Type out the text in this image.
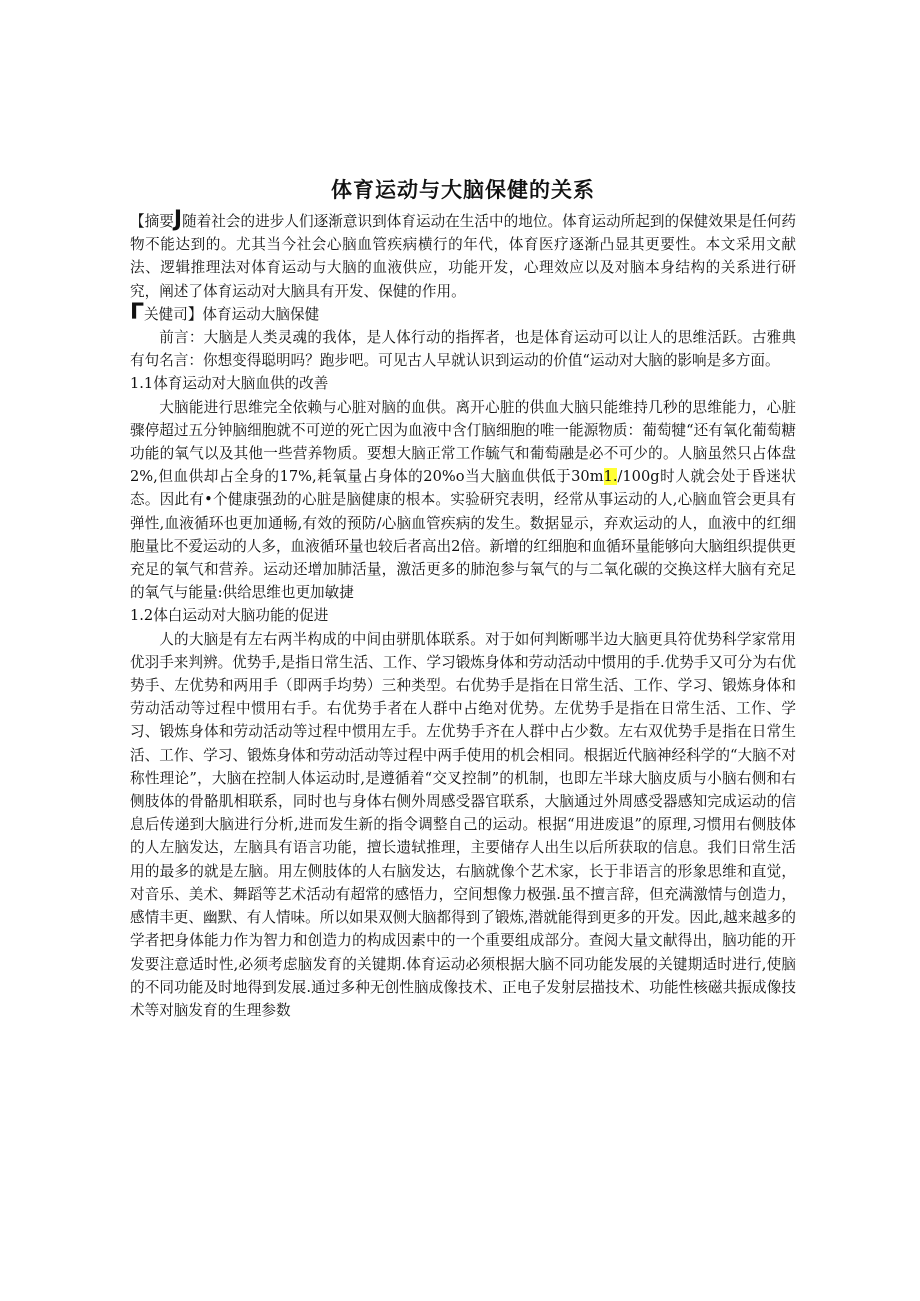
体育运动与大脑保健的关系

【摘要J随着社会的进步人们逐渐意识到体育运动在生活中的地位。体育运动所起到的保健效果是任何药物不能达到的。尤其当今社会心脑血管疾病横行的年代，体育医疗逐渐凸显其更要性。本文采用文献法、逻辑推理法对体育运动与大脑的血液供应，功能开发，心理效应以及对脑本身结构的关系进行研究，阐述了体育运动对大脑具有开发、保健的作用。

Γ关健司】体育运动大脑保健

前言：大脑是人类灵魂的我体，是人体行动的指挥者，也是体育运动可以让人的思维活跃。古雅典有句名言：你想变得聪明吗？跑步吧。可见古人早就认识到运动的价值“运动对大脑的影响是多方面。

1.1体育运动对大脑血供的改善

大脑能进行思维完全依赖与心脏对脑的血供。离开心脏的供血大脑只能维持几秒的思维能力，心脏骤停超过五分钟脑细胞就不可逆的死亡因为血液中含仃脑细胞的唯一能源物质：葡萄犍“还有氧化葡萄糖功能的氧气以及其他一些营养物质。要想大脑正常工作毓气和葡萄融是必不可少的。人脑虽然只占体盘2%,但血供却占全身的17%,耗氧量占身体的20%o当大脑血供低于30m1./100g时人就会处于昏迷状态。因此有•个健康强劲的心脏是脑健康的根本。实验研究表明，经常从事运动的人,心脑血管会更具有弹性,血液循环也更加通畅,有效的预防/心脑血管疾病的发生。数据显示，弃欢运动的人，血液中的红细胞量比不爱运动的人多，血液循环量也较后者高出2倍。新增的红细胞和血循环量能够向大脑组织提供更充足的氧气和营养。运动还增加肺活量，激活更多的肺泡参与氧气的与二氧化碳的交换这样大脑有充足的氧气与能量:供给思维也更加敏捷

1.2体白运动对大脑功能的促进

人的大脑是有左右两半构成的中间由骈肌体联系。对于如何判断哪半边大脑更具符优势科学家常用优羽手来判辨。优势手,是指日常生活、工作、学习锻炼身体和劳动活动中惯用的手.优势手又可分为右优势手、左优势和两用手（即两手均势）三种类型。右优势手是指在日常生活、工作、学习、锻炼身体和劳动活动等过程中惯用右手。右优势手者在人群中占绝对优势。左优势手是指在日常生活、工作、学习、锻炼身体和劳动活动等过程中惯用左手。左优势手齐在人群中占少数。左右双优势手是指在日常生活、工作、学习、锻炼身体和劳动活动等过程中两手使用的机会相同。根据近代脑神经科学的“大脑不对称性理论”，大脑在控制人体运动时,是遵循着“交叉控制”的机制，也即左半球大脑皮质与小脑右侧和右侧肢体的骨骼肌相联系，同时也与身体右侧外周感受器官联系，大脑通过外周感受器感知完成运动的信息后传递到大脑进行分析,进而发生新的指令调整自己的运动。根据“用进废退”的原理,习惯用右侧肢体的人左脑发达，左脑具有语言功能，擅长遗轼推理，主要储存人出生以后所获取的信息。我们日常生活用的最多的就是左脑。用左侧肢体的人右脑发达，右脑就像个艺术家，长于非语言的形象思维和直觉，对音乐、美术、舞蹈等艺术活动有超常的感悟力，空间想像力极强.虽不擅言辞，但充满激情与创造力，感情丰更、幽默、有人情味。所以如果双侧大脑都得到了锻炼,潜就能得到更多的开发。因此,越来越多的学者把身体能力作为智力和创造力的构成因素中的一个重要组成部分。查阅大量文献得出，脑功能的开发要注意适时性,必须考虑脑发育的关键期.体育运动必须根据大脑不同功能发展的关键期适时进行,使脑的不同功能及时地得到发展.通过多种无创性脑成像技术、正电子发射层描技术、功能性核磁共振成像技术等对脑发育的生理参数
